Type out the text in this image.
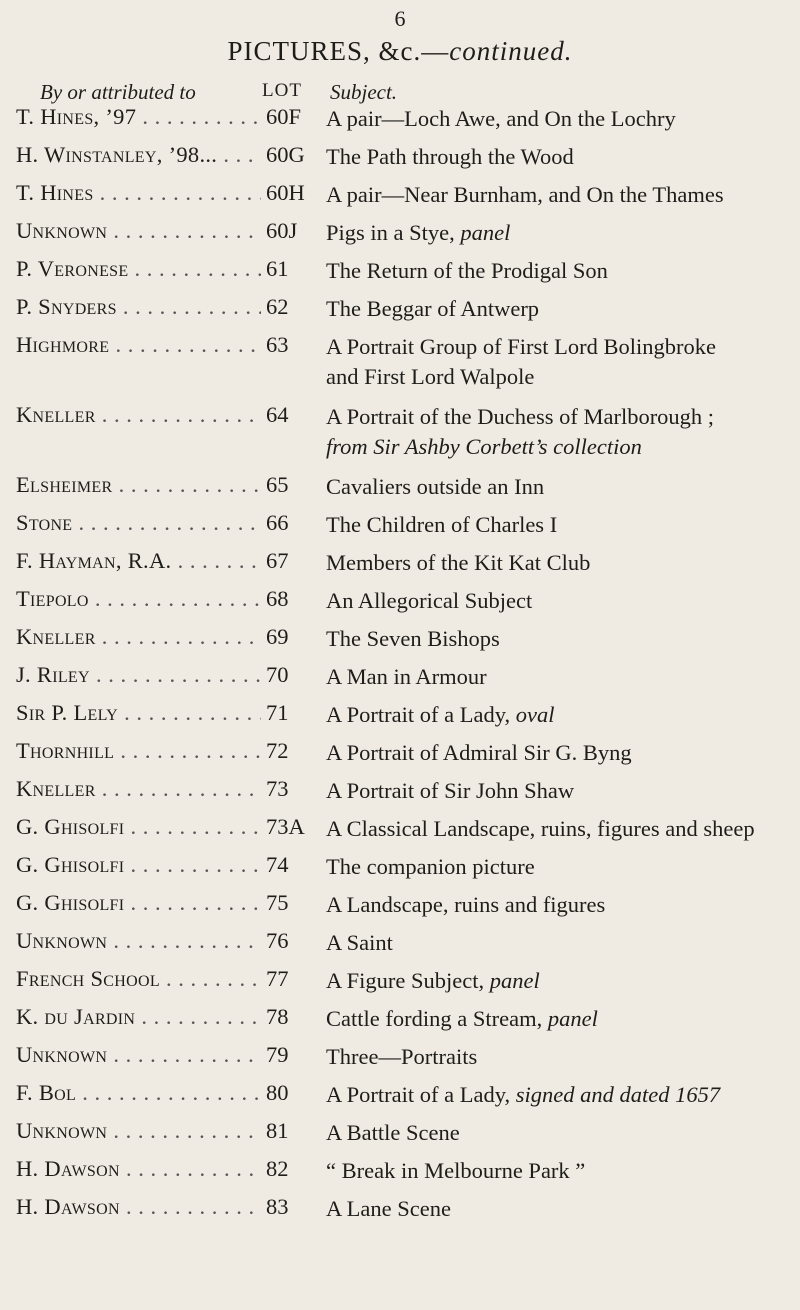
6
PICTURES, &c.—continued.
By or attributed to	LOT Subject.
T. Hines, ’97 . . .	60F	A pair—Loch Awe, and On the Lochry
H. Winstanley, ’98... . . .	60G The Path through the Wood
T. Hines . . .	60H A pair—Near Burnham, and On the Thames
Unknown . . .	60J	Pigs in a Stye, panel
P. Veronese . . .	61	The Return of the Prodigal Son
P. Snyders . . .	62	The Beggar of Antwerp
Highmore . . .	63	A Portrait Group of First Lord Bolingbroke
and First Lord Walpole
Kneller . . .	64	A Portrait of the Duchess of Marlborough ;
from Sir Ashby Corbett’s collection
Elsheimer . . .	65	Cavaliers outside an Inn
Stone . . .	66	The Children of Charles I
F. Hayman, R.A. . . .	67	Members of the Kit Kat Club
Tiepolo . . .	68	An Allegorical Subject
Kneller . . .	69	The Seven Bishops
J. Riley . . .	70	A Man in Armour
Sir P. Lely . . .	71	A Portrait of a Lady, oval
Thornhill . . .	72	A Portrait of Admiral Sir G. Byng
Kneller . . .	73	A Portrait of Sir John Shaw
G. Ghisolfi . . .	73A A Classical Landscape, ruins, figures and sheep
G. Ghisolfi . . .	74	The companion picture
G. Ghisolfi . . .	75	A Landscape, ruins and figures
Unknown . . .	76	A Saint
French School . . .	77	A Figure Subject, panel
K. du Jardin . . .	78	Cattle fording a Stream, panel
Unknown . . .	79	Three—Portraits
F. Bol . . .	80	A Portrait of a Lady, signed and dated 1657
Unknown . . .	81	A Battle Scene
H. Dawson . . .	82	“ Break in Melbourne Park ”
H. Dawson . . .	83	A Lane Scene
